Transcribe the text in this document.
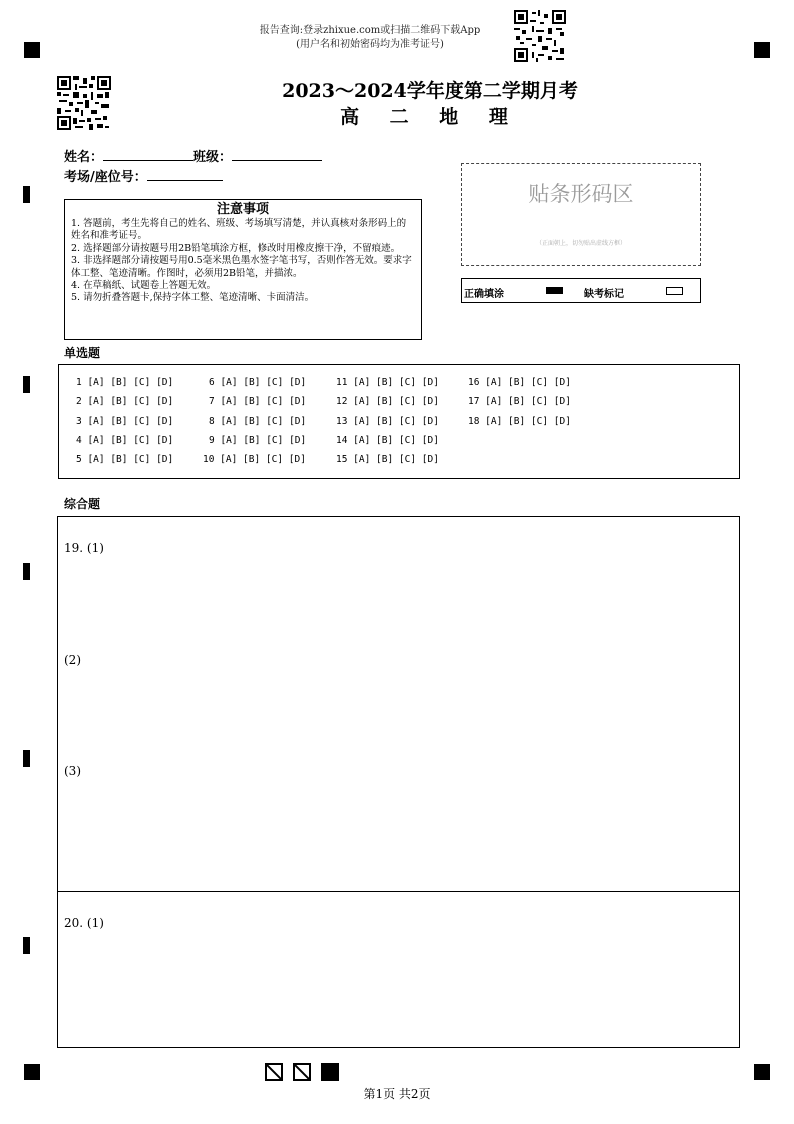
报告查询:登录zhixue.com或扫描二维码下载App
(用户名和初始密码均为准考证号)
2023～2024学年度第二学期月考
高 二 地 理
姓名：	班级：
考场/座位号：
注意事项

1. 答题前，考生先将自己的姓名、班级、考场填写清楚，并认真核对条形码上的姓名和准考证号。

2. 选择题部分请按题号用2B铅笔填涂方框，修改时用橡皮擦干净，不留痕迹。

3. 非选择题部分请按题号用0.5毫米黑色墨水签字笔书写，否则作答无效。要求字体工整、笔迹清晰。作图时，必须用2B铅笔，并描浓。

4. 在草稿纸、试题卷上答题无效。

5. 请勿折叠答题卡,保持字体工整、笔迹清晰、卡面清洁。

贴条形码区
（正面朝上，切勿贴出虚线方框）
正确填涂	缺考标记
单选题
1 [A] [B] [C] [D]
2 [A] [B] [C] [D]
3 [A] [B] [C] [D]
4 [A] [B] [C] [D]
5 [A] [B] [C] [D]
6 [A] [B] [C] [D]
7 [A] [B] [C] [D]
8 [A] [B] [C] [D]
9 [A] [B] [C] [D]
10 [A] [B] [C] [D]
11 [A] [B] [C] [D]
12 [A] [B] [C] [D]
13 [A] [B] [C] [D]
14 [A] [B] [C] [D]
15 [A] [B] [C] [D]
16 [A] [B] [C] [D]
17 [A] [B] [C] [D]
18 [A] [B] [C] [D]
综合题
19. (1)
(2)
(3)
20. (1)
第1页 共2页
